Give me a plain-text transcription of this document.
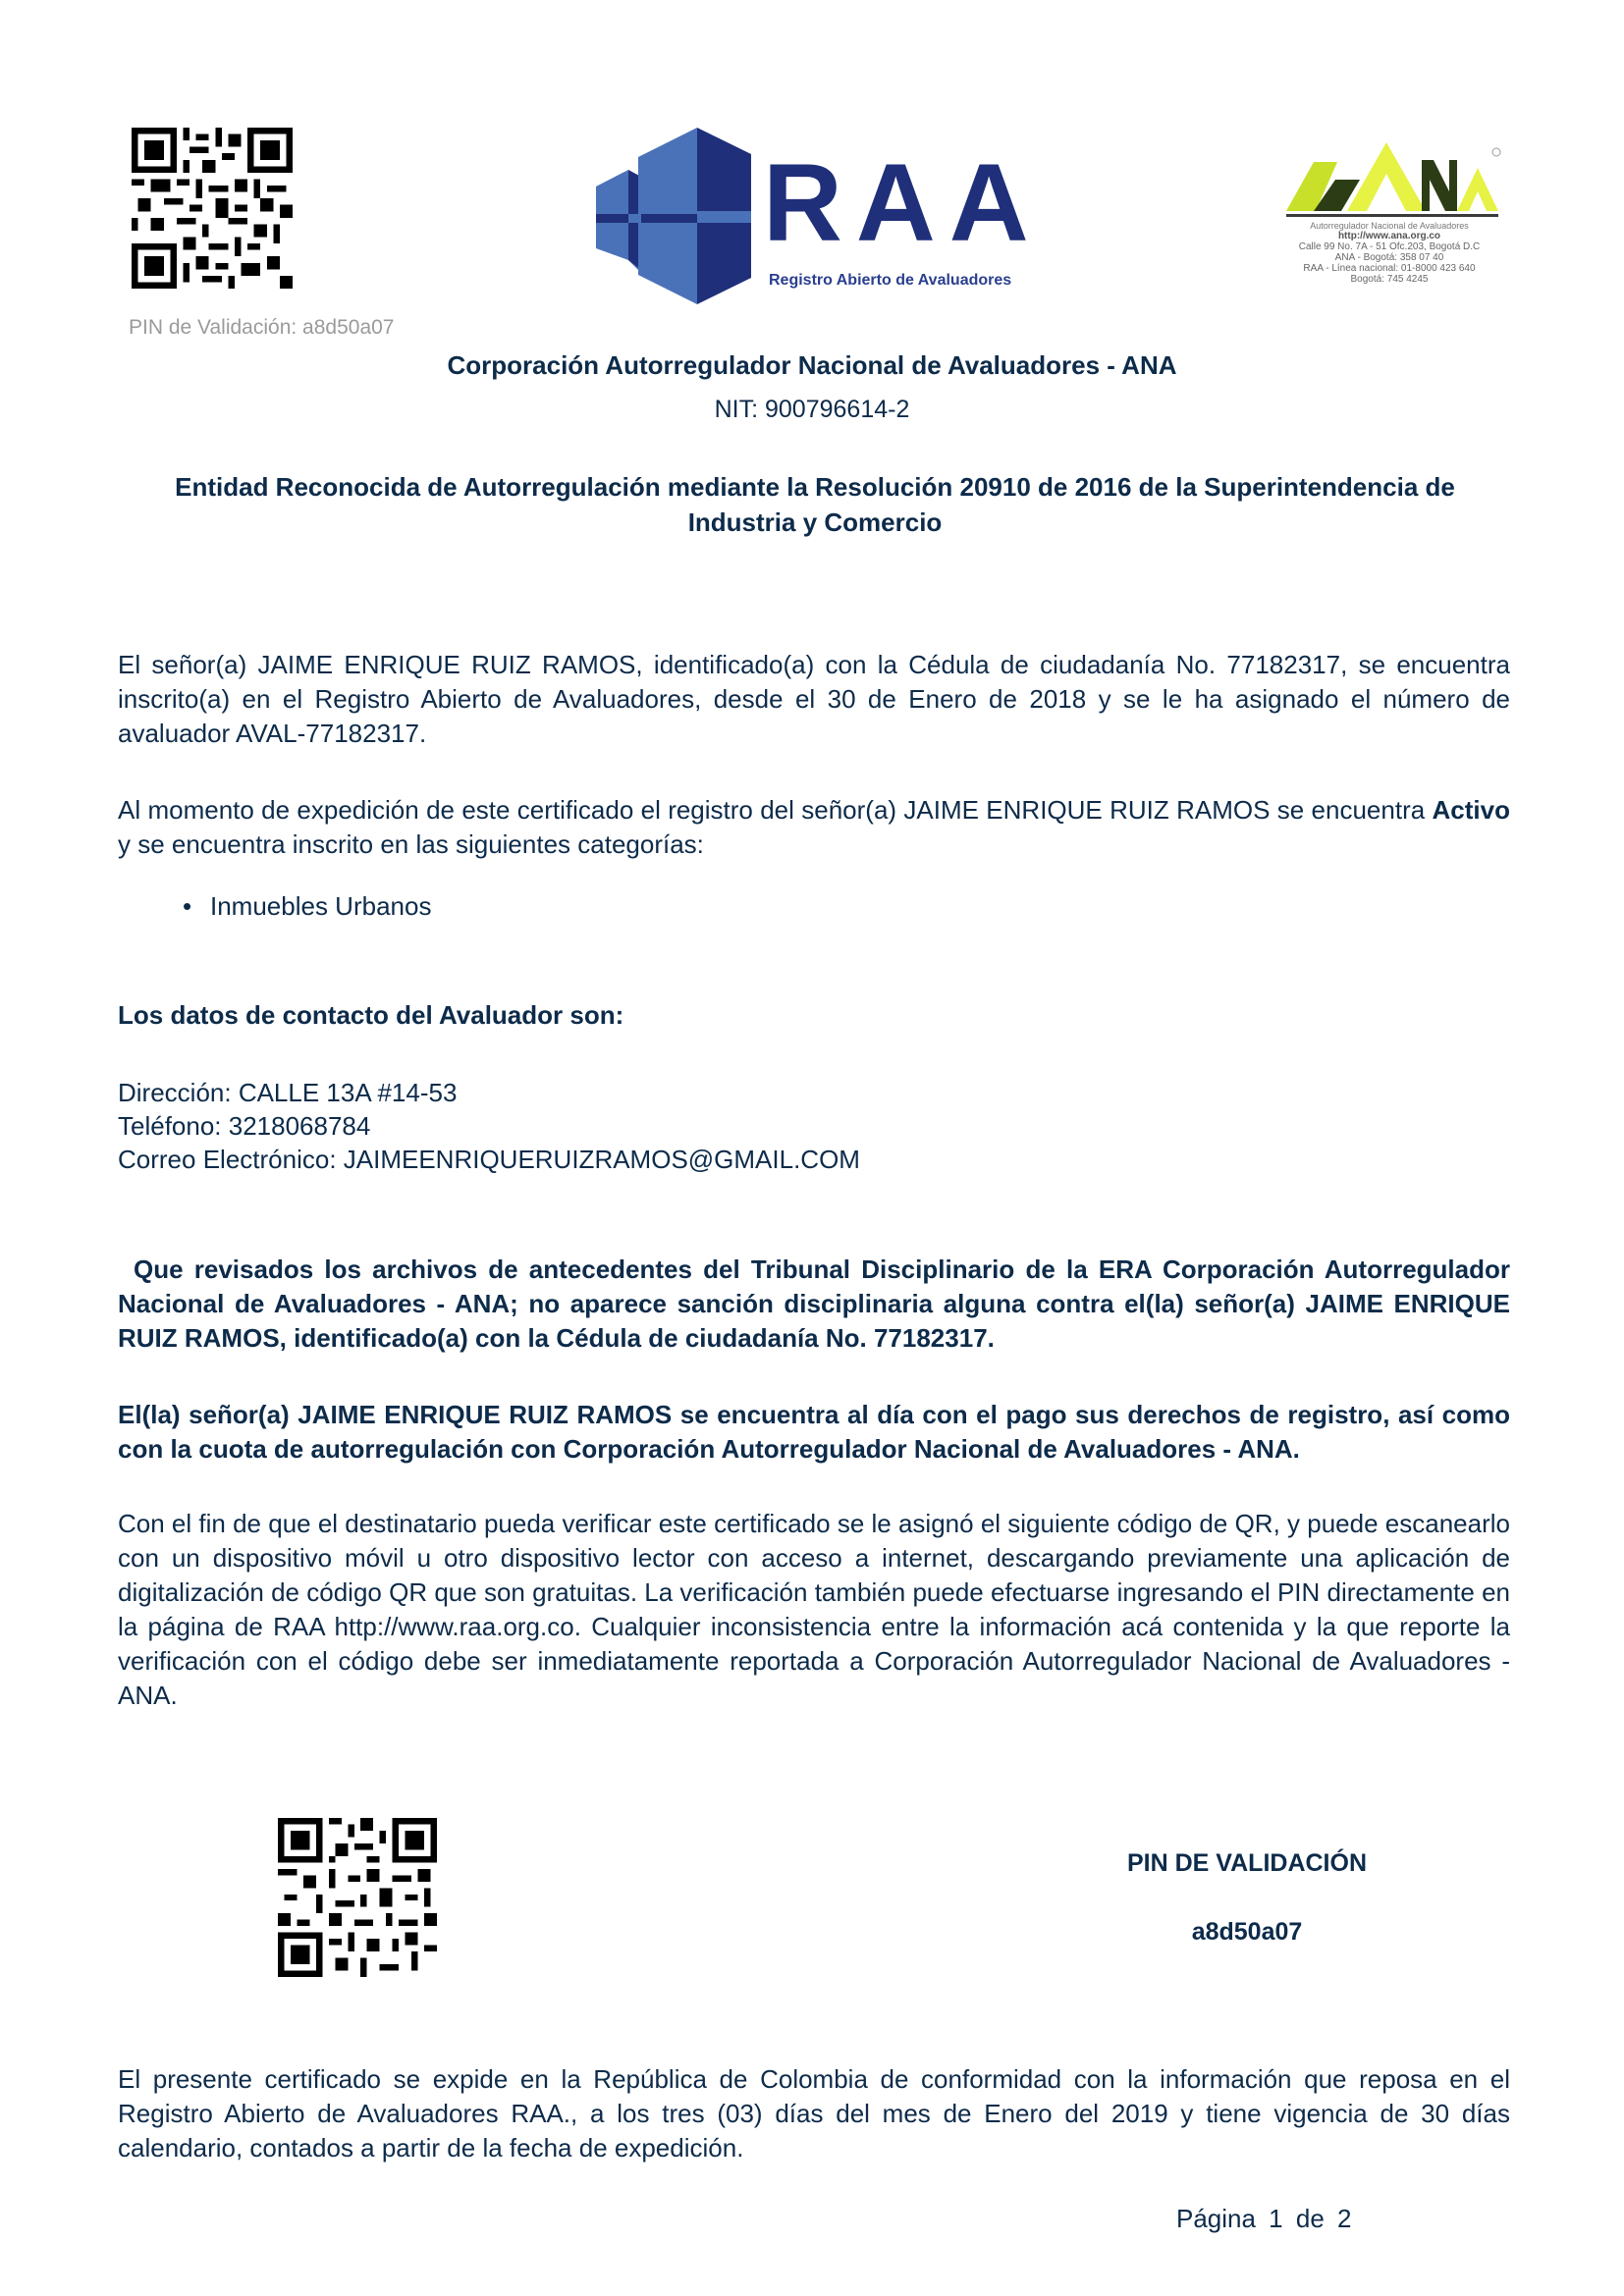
PIN de Validación: a8d50a07
RAA
Registro Abierto de Avaluadores
Autorregulador Nacional de Avaluadores
http://www.ana.org.co
Calle 99 No. 7A - 51 Ofc.203, Bogotá D.C
ANA - Bogotá: 358 07 40
RAA - Línea nacional: 01-8000 423 640
Bogotá: 745 4245
Corporación Autorregulador Nacional de Avaluadores - ANA
NIT: 900796614-2
Entidad Reconocida de Autorregulación mediante la Resolución 20910 de 2016 de la Superintendencia de Industria y Comercio
El señor(a) JAIME ENRIQUE RUIZ RAMOS, identificado(a) con la Cédula de ciudadanía No. 77182317, se encuentra inscrito(a) en el Registro Abierto de Avaluadores, desde el 30 de Enero de 2018 y se le ha asignado el número de avaluador AVAL-77182317.
Al momento de expedición de este certificado el registro del señor(a) JAIME ENRIQUE RUIZ RAMOS se encuentra Activo y se encuentra inscrito en las siguientes categorías:
• Inmuebles Urbanos
Los datos de contacto del Avaluador son:
Dirección: CALLE 13A #14-53
Teléfono: 3218068784
Correo Electrónico: JAIMEENRIQUERUIZRAMOS@GMAIL.COM
Que revisados los archivos de antecedentes del Tribunal Disciplinario de la ERA Corporación Autorregulador Nacional de Avaluadores - ANA; no aparece sanción disciplinaria alguna contra el(la) señor(a) JAIME ENRIQUE RUIZ RAMOS, identificado(a) con la Cédula de ciudadanía No. 77182317.
El(la) señor(a) JAIME ENRIQUE RUIZ RAMOS se encuentra al día con el pago sus derechos de registro, así como con la cuota de autorregulación con Corporación Autorregulador Nacional de Avaluadores - ANA.
Con el fin de que el destinatario pueda verificar este certificado se le asignó el siguiente código de QR, y puede escanearlo con un dispositivo móvil u otro dispositivo lector con acceso a internet, descargando previamente una aplicación de digitalización de código QR que son gratuitas. La verificación también puede efectuarse ingresando el PIN directamente en la página de RAA http://www.raa.org.co. Cualquier inconsistencia entre la información acá contenida y la que reporte la verificación con el código debe ser inmediatamente reportada a Corporación Autorregulador Nacional de Avaluadores - ANA.
PIN DE VALIDACIÓN
a8d50a07
El presente certificado se expide en la República de Colombia de conformidad con la información que reposa en el Registro Abierto de Avaluadores RAA., a los tres (03) días del mes de Enero del 2019 y tiene vigencia de 30 días calendario, contados a partir de la fecha de expedición.
Página 1 de 2
